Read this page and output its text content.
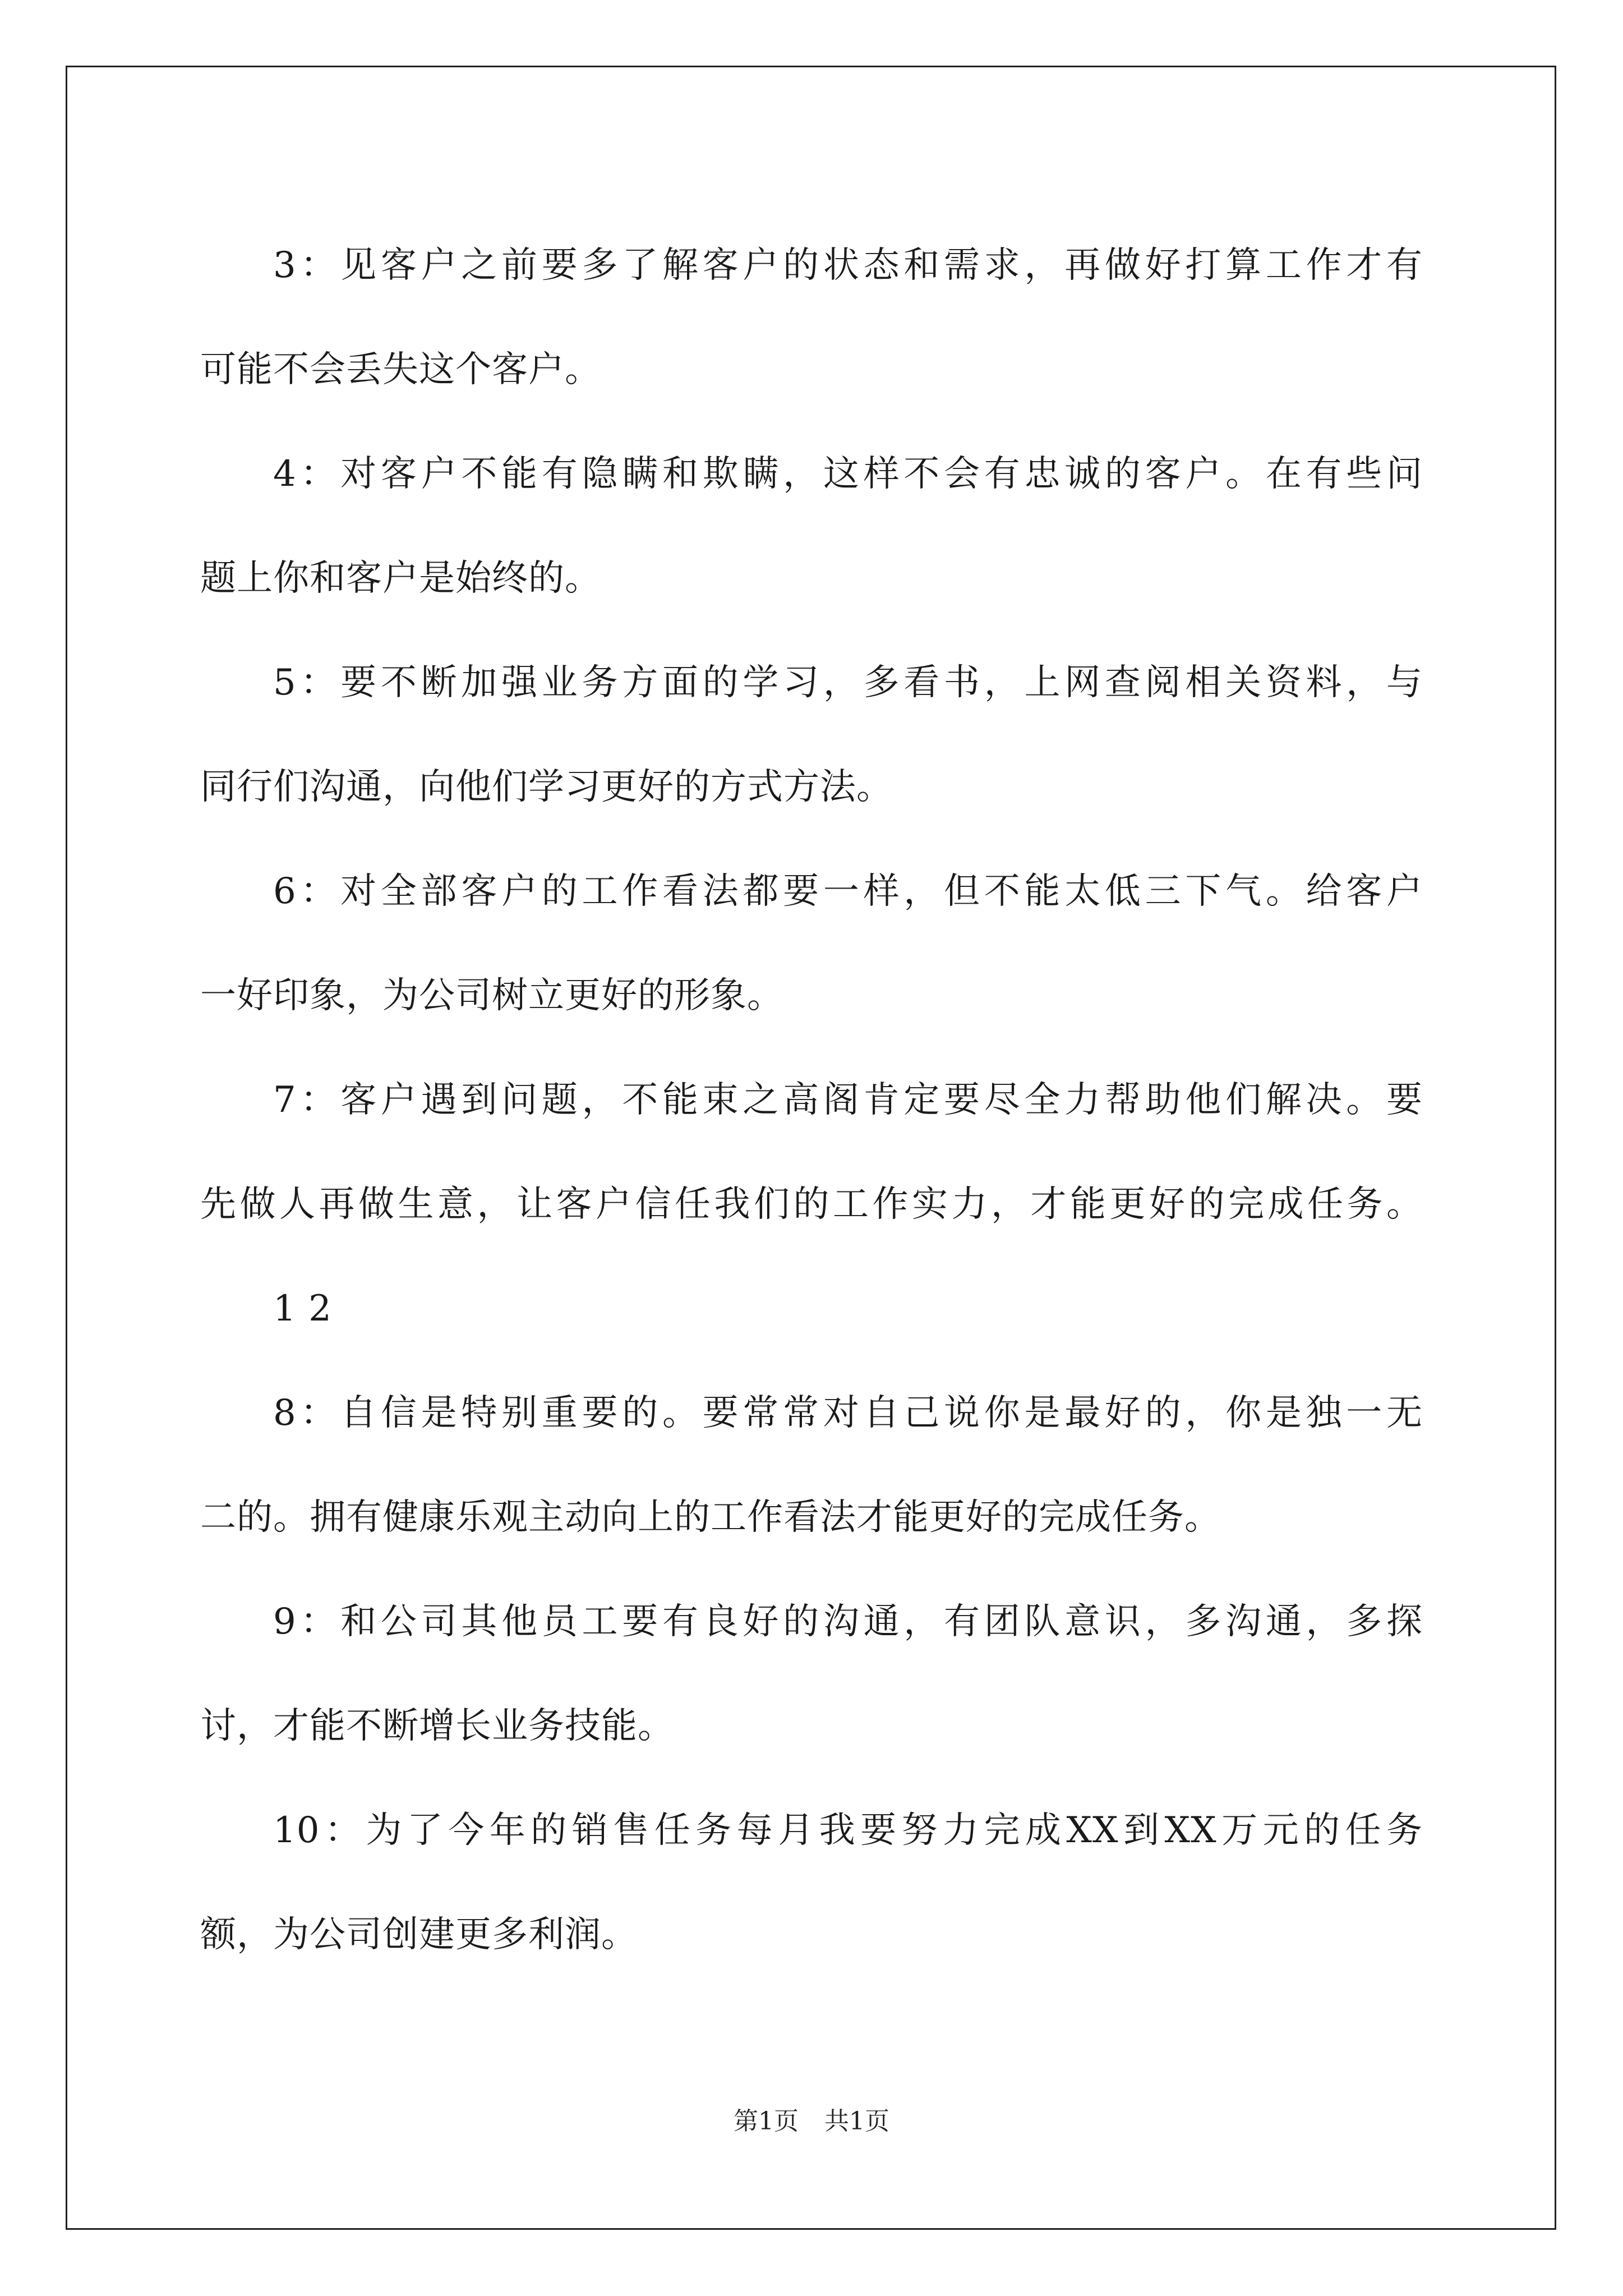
3：见客户之前要多了解客户的状态和需求，再做好打算工作才有
可能不会丢失这个客户。
4：对客户不能有隐瞒和欺瞒，这样不会有忠诚的客户。在有些问
题上你和客户是始终的。
5：要不断加强业务方面的学习，多看书，上网查阅相关资料，与
同行们沟通，向他们学习更好的方式方法。
6：对全部客户的工作看法都要一样，但不能太低三下气。给客户
一好印象，为公司树立更好的形象。
7：客户遇到问题，不能束之高阁肯定要尽全力帮助他们解决。要
先做人再做生意，让客户信任我们的工作实力，才能更好的完成任务。
1 2
8：自信是特别重要的。要常常对自己说你是最好的，你是独一无
二的。拥有健康乐观主动向上的工作看法才能更好的完成任务。
9：和公司其他员工要有良好的沟通，有团队意识，多沟通，多探
讨，才能不断增长业务技能。
10：为了今年的销售任务每月我要努力完成XX到XX万元的任务
额，为公司创建更多利润。
第1页 共1页
